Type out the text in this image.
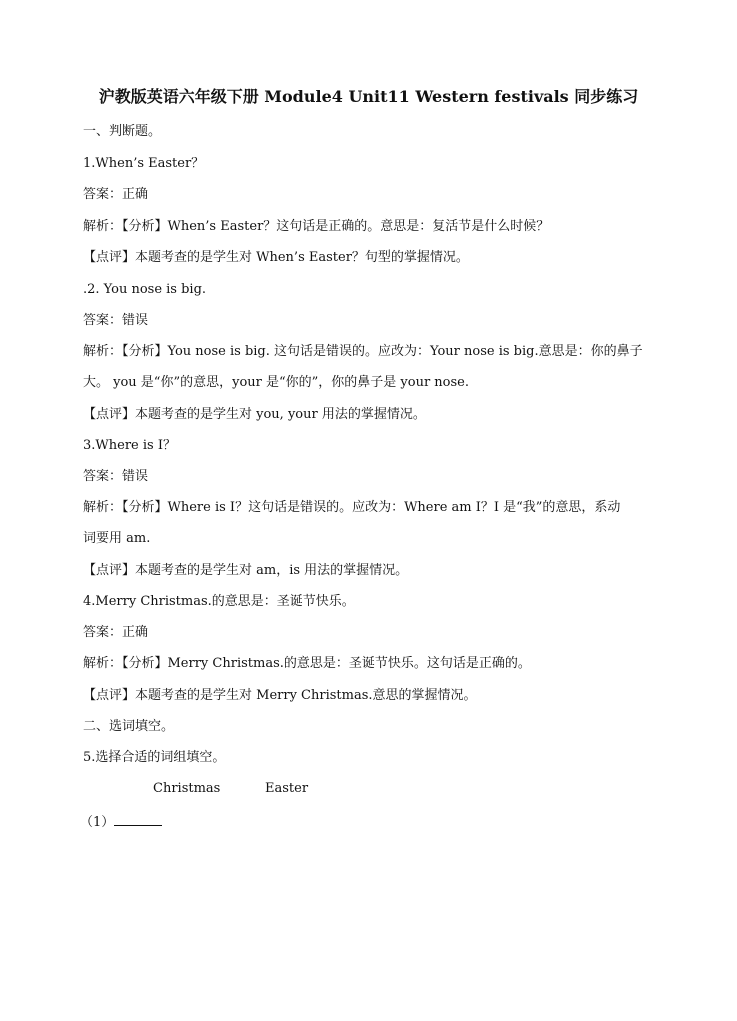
沪教版英语六年级下册 Module4 Unit11 Western festivals 同步练习
一、判断题。
1.When’s Easter？
答案：正确
解析：【分析】When’s Easter？这句话是正确的。意思是：复活节是什么时候？
【点评】本题考查的是学生对 When’s Easter？句型的掌握情况。
.2. You nose is big.
答案：错误
解析：【分析】You nose is big. 这句话是错误的。应改为：Your nose is big.意思是：你的鼻子
大。 you 是“你”的意思，your 是“你的”，你的鼻子是 your nose.
【点评】本题考查的是学生对 you, your 用法的掌握情况。
3.Where is I？
答案：错误
解析：【分析】Where is I？这句话是错误的。应改为：Where am I？I 是“我”的意思，系动
词要用 am.
【点评】本题考查的是学生对 am，is 用法的掌握情况。
4.Merry Christmas.的意思是：圣诞节快乐。
答案：正确
解析：【分析】Merry Christmas.的意思是：圣诞节快乐。这句话是正确的。
【点评】本题考查的是学生对 Merry Christmas.意思的掌握情况。
二、选词填空。
5.选择合适的词组填空。
Christmas	Easter
（1）
